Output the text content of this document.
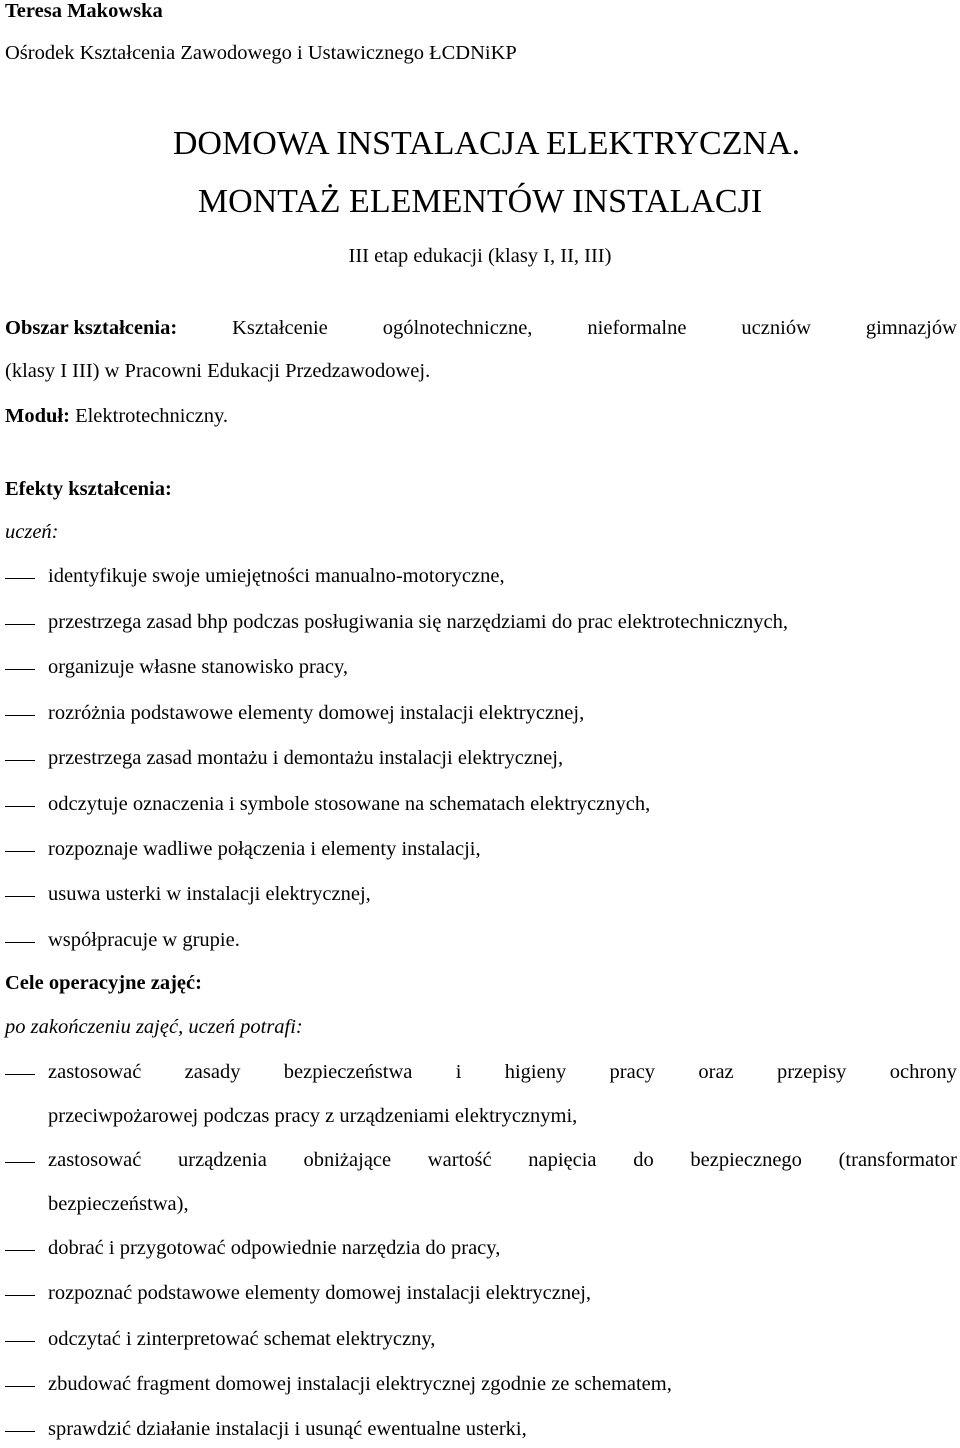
Teresa Makowska
Ośrodek Kształcenia Zawodowego i Ustawicznego ŁCDNiKP
DOMOWA INSTALACJA ELEKTRYCZNA.
MONTAŻ ELEMENTÓW INSTALACJI
III etap edukacji (klasy I, II, III)
Obszar kształcenia:	Kształcenie	ogólnotechniczne,	nieformalne	uczniów	gimnazjów
(klasy I III) w Pracowni Edukacji Przedzawodowej.
Moduł: Elektrotechniczny.
Efekty kształcenia:
uczeń:
identyfikuje swoje umiejętności manualno-motoryczne,
przestrzega zasad bhp podczas posługiwania się narzędziami do prac elektrotechnicznych,
organizuje własne stanowisko pracy,
rozróżnia podstawowe elementy domowej instalacji elektrycznej,
przestrzega zasad montażu i demontażu instalacji elektrycznej,
odczytuje oznaczenia i symbole stosowane na schematach elektrycznych,
rozpoznaje wadliwe połączenia i elementy instalacji,
usuwa usterki w instalacji elektrycznej,
współpracuje w grupie.
Cele operacyjne zajęć:
po zakończeniu zajęć, uczeń potrafi:
zastosować zasady bezpieczeństwa i higieny pracy oraz przepisy ochrony
przeciwpożarowej podczas pracy z urządzeniami elektrycznymi,
zastosować urządzenia obniżające wartość napięcia do bezpiecznego (transformator
bezpieczeństwa),
dobrać i przygotować odpowiednie narzędzia do pracy,
rozpoznać podstawowe elementy domowej instalacji elektrycznej,
odczytać i zinterpretować schemat elektryczny,
zbudować fragment domowej instalacji elektrycznej zgodnie ze schematem,
sprawdzić działanie instalacji i usunąć ewentualne usterki,
